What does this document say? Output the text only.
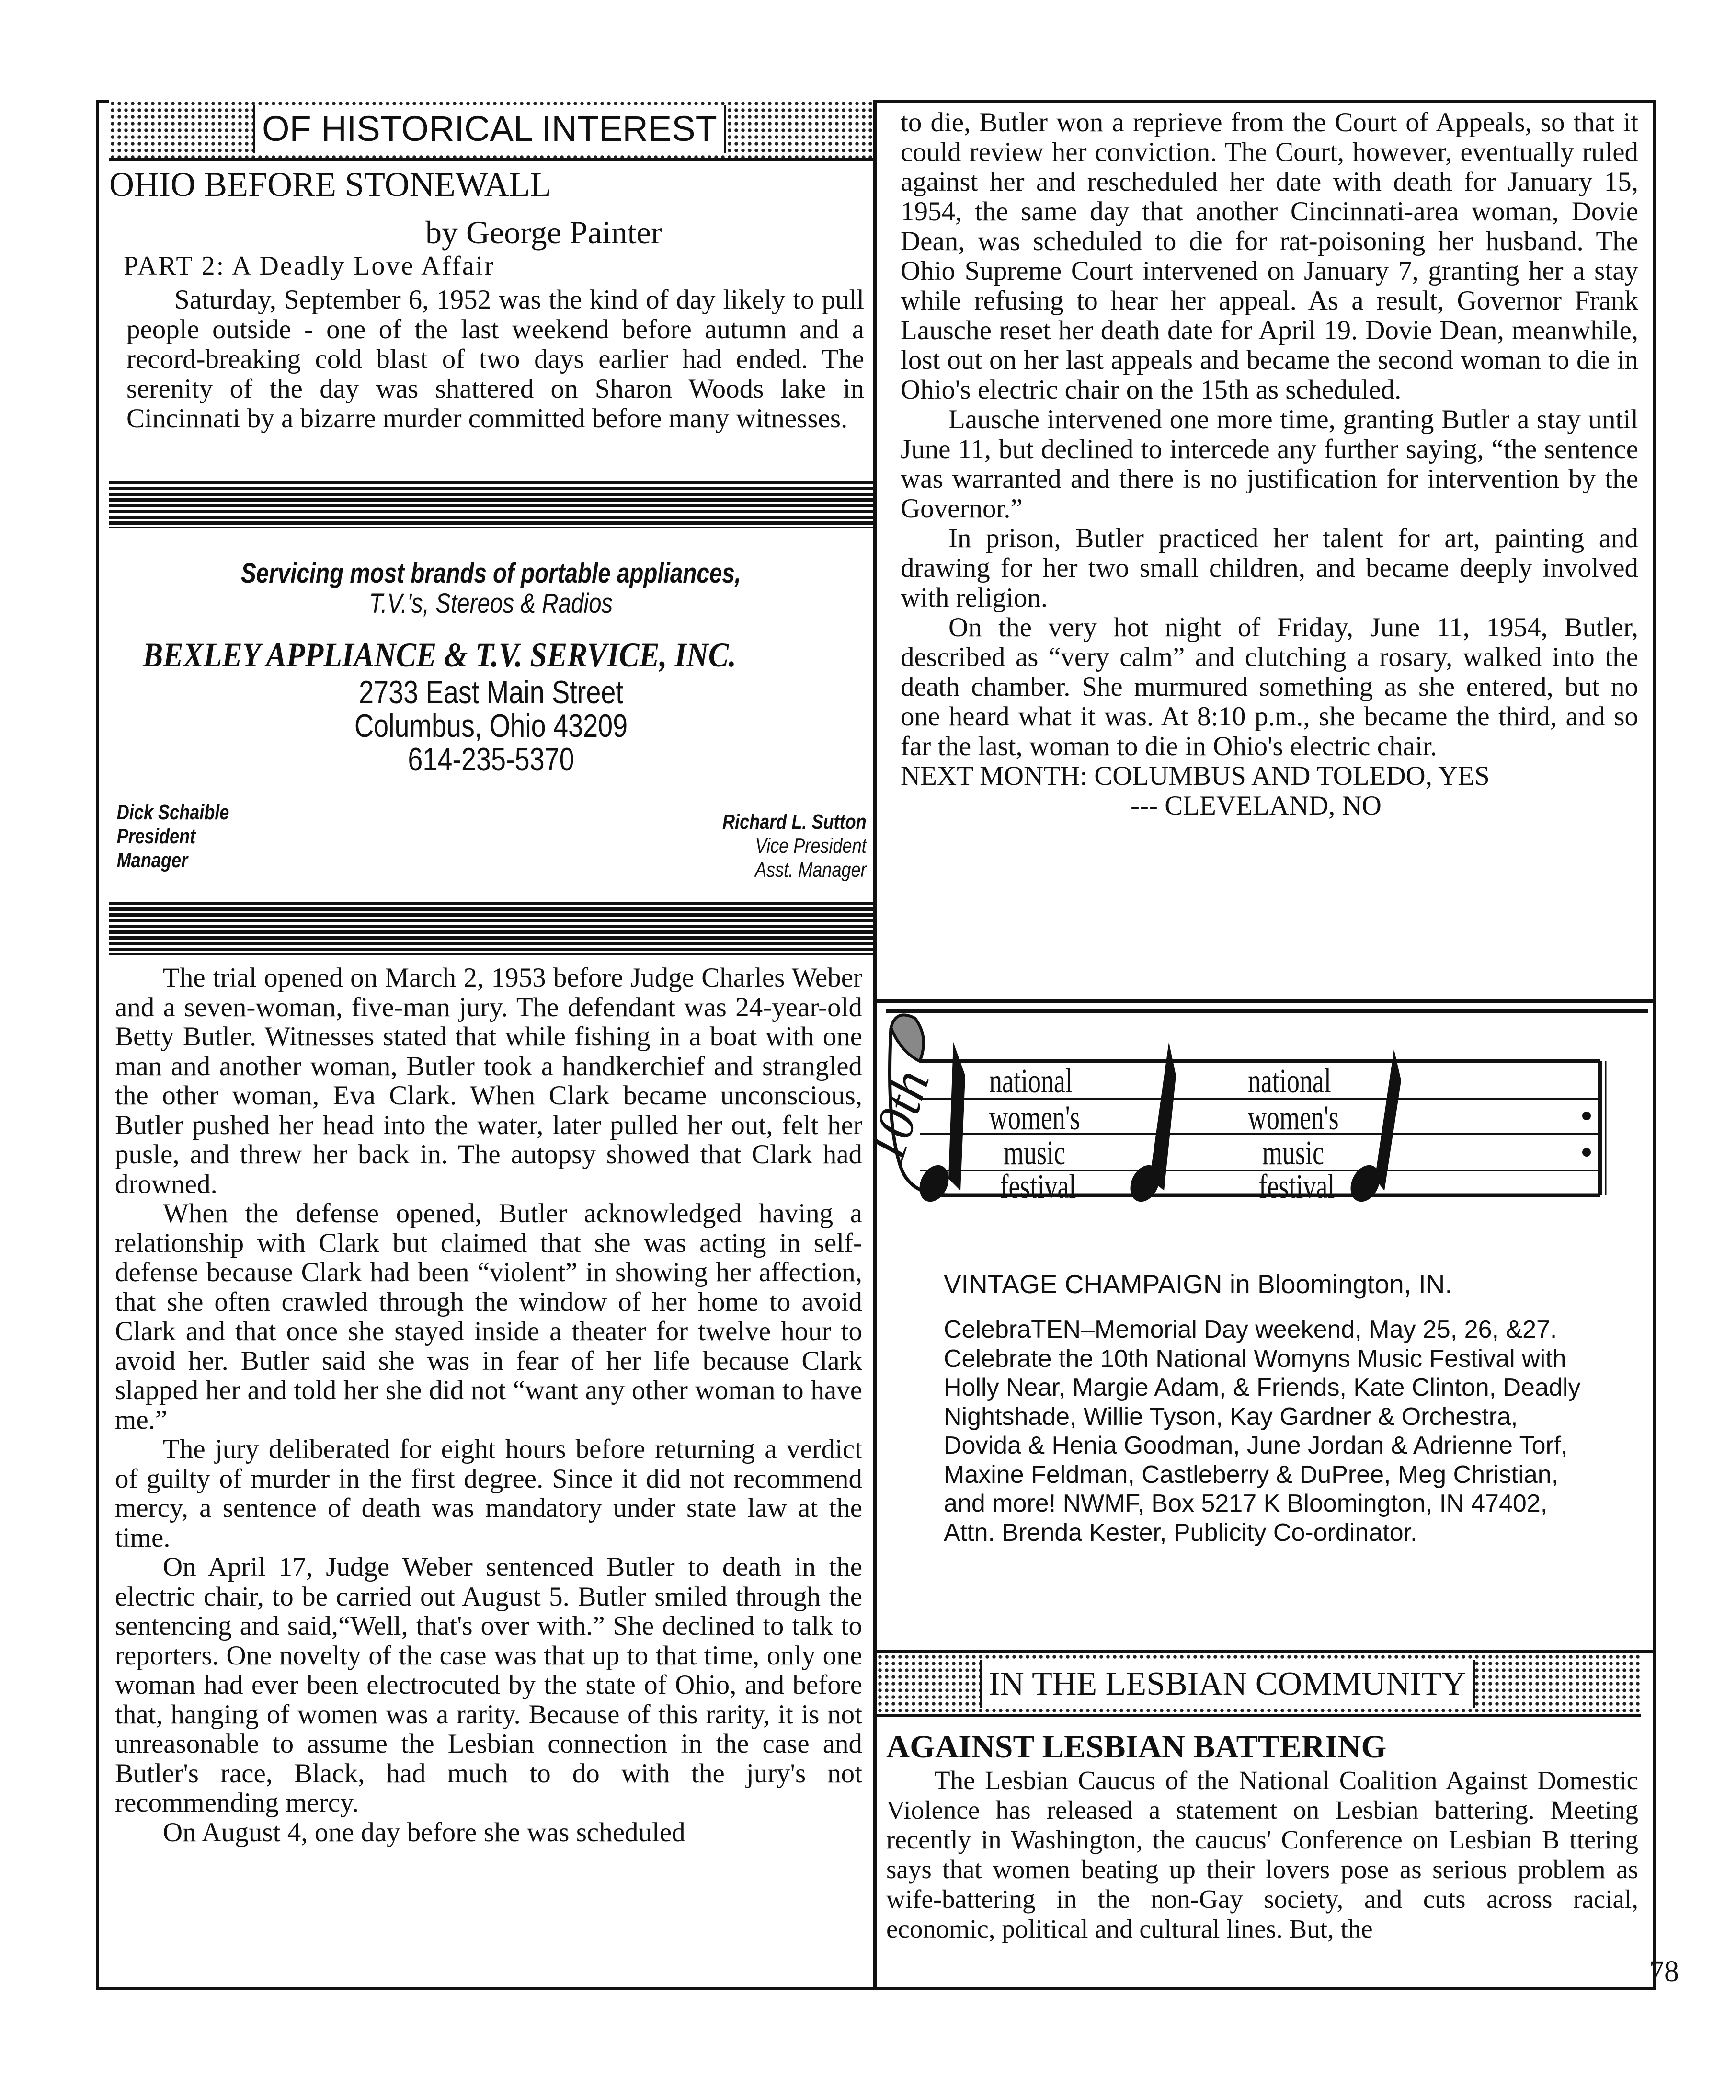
OF HISTORICAL INTEREST
OHIO BEFORE STONEWALL
by George Painter
PART 2: A Deadly Love Affair

Saturday, September 6, 1952 was the kind of day likely to pull people outside - one of the last weekend before autumn and a record-breaking cold blast of two days earlier had ended. The serenity of the day was shattered on Sharon Woods lake in Cincinnati by a bizarre murder committed before many witnesses.

Servicing most brands of portable appliances,
T.V.'s, Stereos & Radios
BEXLEY APPLIANCE & T.V. SERVICE, INC.
2733 East Main Street
Columbus, Ohio 43209
614-235-5370
Dick Schaible
President
Manager
Richard L. Sutton
Vice President
Asst. Manager

The trial opened on March 2, 1953 before Judge Charles Weber and a seven-woman, five-man jury. The defendant was 24-year-old Betty Butler. Witnesses stated that while fishing in a boat with one man and another woman, Butler took a handkerchief and strangled the other woman, Eva Clark. When Clark became unconscious, Butler pushed her head into the water, later pulled her out, felt her pusle, and threw her back in. The autopsy showed that Clark had drowned.

When the defense opened, Butler acknowledged having a relationship with Clark but claimed that she was acting in self-defense because Clark had been “violent” in showing her affection, that she often crawled through the window of her home to avoid Clark and that once she stayed inside a theater for twelve hour to avoid her. Butler said she was in fear of her life because Clark slapped her and told her she did not “want any other woman to have me.”

The jury deliberated for eight hours before returning a verdict of guilty of murder in the first degree. Since it did not recommend mercy, a sentence of death was mandatory under state law at the time.

On April 17, Judge Weber sentenced Butler to death in the electric chair, to be carried out August 5. Butler smiled through the sentencing and said,“Well, that's over with.” She declined to talk to reporters. One novelty of the case was that up to that time, only one woman had ever been electrocuted by the state of Ohio, and before that, hanging of women was a rarity. Because of this rarity, it is not unreasonable to assume the Lesbian connection in the case and Butler's race, Black, had much to do with the jury's not recommending mercy.

On August 4, one day before she was scheduled

to die, Butler won a reprieve from the Court of Appeals, so that it could review her conviction. The Court, however, eventually ruled against her and rescheduled her date with death for January 15, 1954, the same day that another Cincinnati-area woman, Dovie Dean, was scheduled to die for rat-poisoning her husband. The Ohio Supreme Court intervened on January 7, granting her a stay while refusing to hear her appeal. As a result, Governor Frank Lausche reset her death date for April 19. Dovie Dean, meanwhile, lost out on her last appeals and became the second woman to die in Ohio's electric chair on the 15th as scheduled.

Lausche intervened one more time, granting Butler a stay until June 11, but declined to intercede any further saying, “the sentence was warranted and there is no justification for intervention by the Governor.”

In prison, Butler practiced her talent for art, painting and drawing for her two small children, and became deeply involved with religion.

On the very hot night of Friday, June 11, 1954, Butler, described as “very calm” and clutching a rosary, walked into the death chamber. She murmured something as she entered, but no one heard what it was. At 8:10 p.m., she became the third, and so far the last, woman to die in Ohio's electric chair.

NEXT MONTH: COLUMBUS AND TOLEDO, YES

--- CLEVELAND, NO

10th national
women's
music
festival
national
women's
music
festival
VINTAGE CHAMPAIGN in Bloomington, IN.
CelebraTEN–Memorial Day weekend, May 25, 26, &27. Celebrate the 10th National Womyns Music Festival with Holly Near, Margie Adam, & Friends, Kate Clinton, Deadly Nightshade, Willie Tyson, Kay Gardner & Orchestra, Dovida & Henia Goodman, June Jordan & Adrienne Torf, Maxine Feldman, Castleberry & DuPree, Meg Christian, and more! NWMF, Box 5217 K Bloomington, IN 47402, Attn. Brenda Kester, Publicity Co-ordinator.
IN THE LESBIAN COMMUNITY
AGAINST LESBIAN BATTERING

The Lesbian Caucus of the National Coalition Against Domestic Violence has released a statement on Lesbian battering. Meeting recently in Washington, the caucus' Conference on Lesbian B ttering says that women beating up their lovers pose as serious problem as wife-battering in the non-Gay society, and cuts across racial, economic, political and cultural lines. But, the

78
